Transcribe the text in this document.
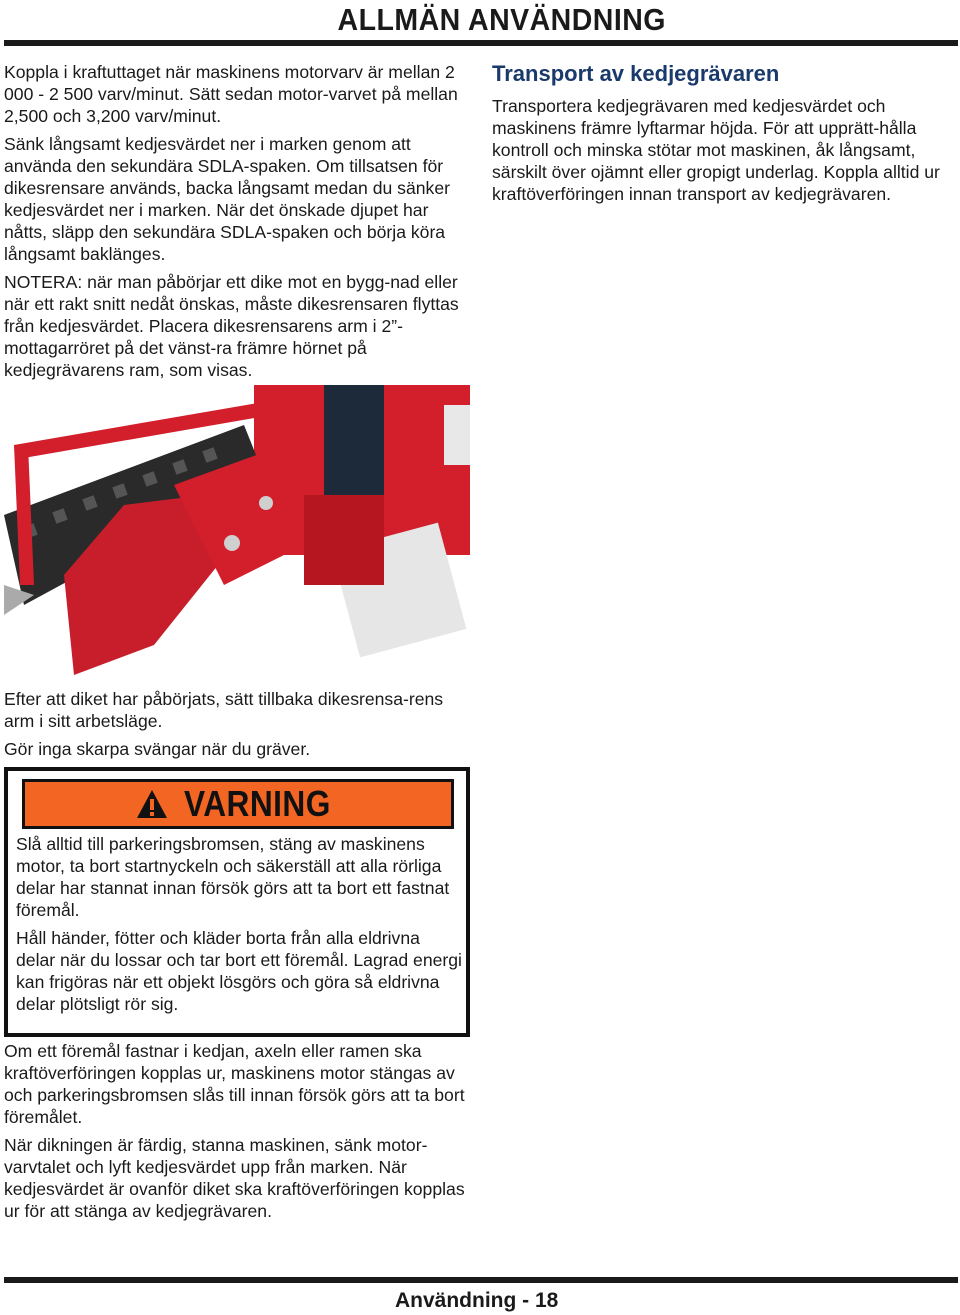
ALLMÄN ANVÄNDNING

Koppla i kraftuttaget när maskinens motorvarv är mellan 2 000 - 2 500 varv/minut. Sätt sedan motor-varvet på mellan 2,500 och 3,200 varv/minut.

Sänk långsamt kedjesvärdet ner i marken genom att använda den sekundära SDLA-spaken. Om tillsatsen för dikesrensare används, backa långsamt medan du sänker kedjesvärdet ner i marken. När det önskade djupet har nåtts, släpp den sekundära SDLA-spaken och börja köra långsamt baklänges.

NOTERA: när man påbörjar ett dike mot en bygg-nad eller när ett rakt snitt nedåt önskas, måste dikesrensaren flyttas från kedjesvärdet. Placera dikesrensarens arm i 2”-mottagarröret på det vänst-ra främre hörnet på kedjegrävarens ram, som visas.

Transport av kedjegrävaren

Transportera kedjegrävaren med kedjesvärdet och maskinens främre lyftarmar höjda. För att upprätt-hålla kontroll och minska stötar mot maskinen, åk långsamt, särskilt över ojämnt eller gropigt underlag. Koppla alltid ur kraftöverföringen innan transport av kedjegrävaren.

Efter att diket har påbörjats, sätt tillbaka dikesrensa-rens arm i sitt arbetsläge.

Gör inga skarpa svängar när du gräver.

VARNING

Slå alltid till parkeringsbromsen, stäng av maskinens motor, ta bort startnyckeln och säkerställ att alla rörliga delar har stannat innan försök görs att ta bort ett fastnat föremål.

Håll händer, fötter och kläder borta från alla eldrivna delar när du lossar och tar bort ett föremål. Lagrad energi kan frigöras när ett objekt lösgörs och göra så eldrivna delar plötsligt rör sig.

Om ett föremål fastnar i kedjan, axeln eller ramen ska kraftöverföringen kopplas ur, maskinens motor stängas av och parkeringsbromsen slås till innan försök görs att ta bort föremålet.

När dikningen är färdig, stanna maskinen, sänk motor-varvtalet och lyft kedjesvärdet upp från marken. När kedjesvärdet är ovanför diket ska kraftöverföringen kopplas ur för att stänga av kedjegrävaren.

Användning - 18
